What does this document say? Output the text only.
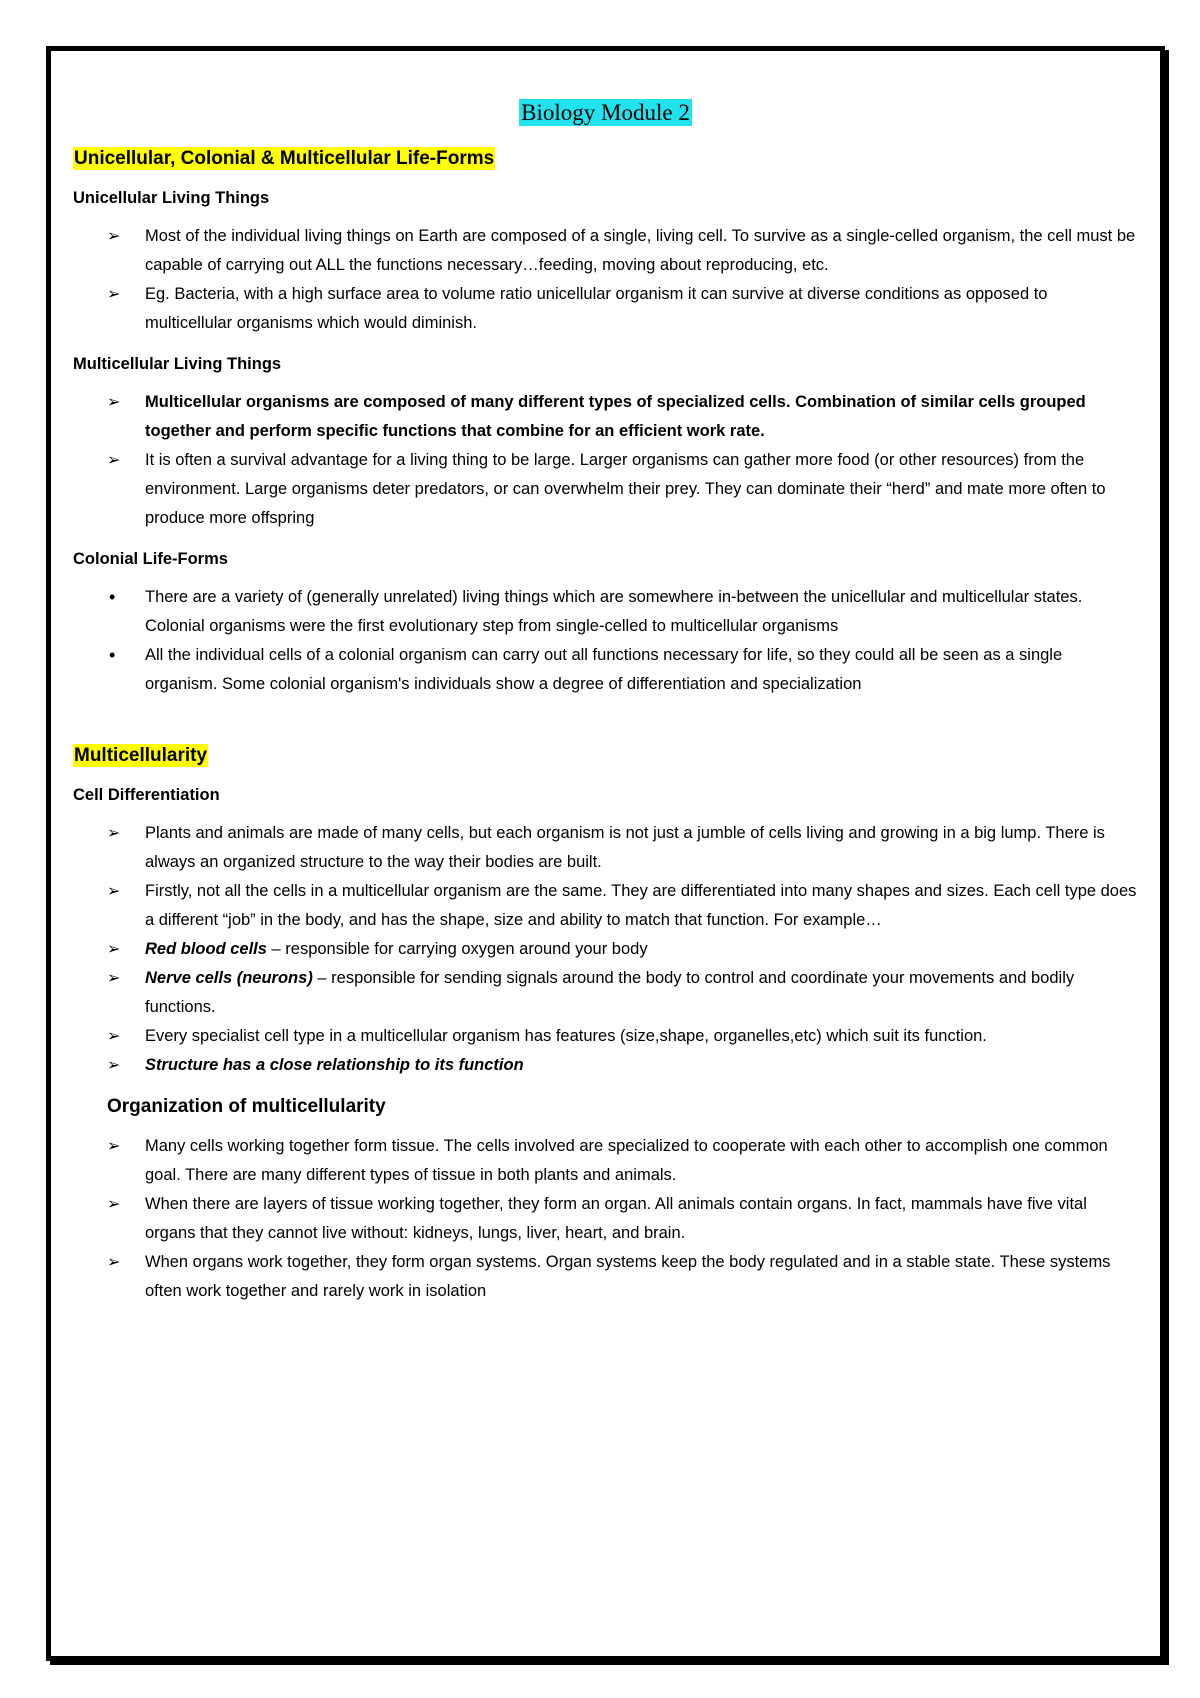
Biology Module 2
Unicellular, Colonial & Multicellular Life-Forms
Unicellular Living Things
➢	Most of the individual living things on Earth are composed of a single, living cell. To survive as a single-celled organism, the cell must be capable of carrying out ALL the functions necessary…feeding, moving about reproducing, etc.
➢	Eg. Bacteria, with a high surface area to volume ratio unicellular organism it can survive at diverse conditions as opposed to multicellular organisms which would diminish.
Multicellular Living Things
➢	Multicellular organisms are composed of many different types of specialized cells. Combination of similar cells grouped together and perform specific functions that combine for an efficient work rate.
➢	It is often a survival advantage for a living thing to be large. Larger organisms can gather more food (or other resources) from the environment. Large organisms deter predators, or can overwhelm their prey. They can dominate their “herd” and mate more often to produce more offspring
Colonial Life-Forms
•	There are a variety of (generally unrelated) living things which are somewhere in-between the unicellular and multicellular states. Colonial organisms were the first evolutionary step from single-celled to multicellular organisms
•	All the individual cells of a colonial organism can carry out all functions necessary for life, so they could all be seen as a single organism. Some colonial organism's individuals show a degree of differentiation and specialization
Multicellularity
Cell Differentiation
➢	Plants and animals are made of many cells, but each organism is not just a jumble of cells living and growing in a big lump. There is always an organized structure to the way their bodies are built.
➢	Firstly, not all the cells in a multicellular organism are the same. They are differentiated into many shapes and sizes. Each cell type does a different “job” in the body, and has the shape, size and ability to match that function. For example…
➢	Red blood cells – responsible for carrying oxygen around your body
➢	Nerve cells (neurons) – responsible for sending signals around the body to control and coordinate your movements and bodily functions.
➢	Every specialist cell type in a multicellular organism has features (size,shape, organelles,etc) which suit its function.
➢	Structure has a close relationship to its function
Organization of multicellularity
➢	Many cells working together form tissue. The cells involved are specialized to cooperate with each other to accomplish one common goal. There are many different types of tissue in both plants and animals.
➢	When there are layers of tissue working together, they form an organ. All animals contain organs. In fact, mammals have five vital organs that they cannot live without: kidneys, lungs, liver, heart, and brain.
➢	When organs work together, they form organ systems. Organ systems keep the body regulated and in a stable state. These systems often work together and rarely work in isolation
